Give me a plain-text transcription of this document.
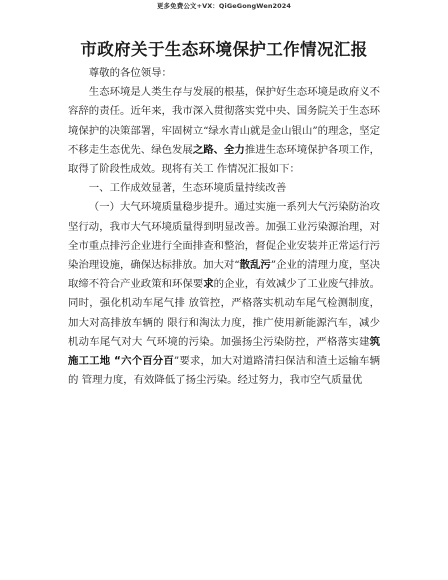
更多免费公文+VX：QiGeGongWen2024
市政府关于生态环境保护工作情况汇报

尊敬的各位领导：

生态环境是人类生存与发展的根基，保护好生态环境是政府义不容辞的责任。近年来，我市深入贯彻落实党中央、国务院关于生态环境保护的决策部署，牢固树立“绿水青山就是金山银山”的理念，坚定不移走生态优先、绿色发展之路、全力推进生态环境保护各项工作，取得了阶段性成效。现将有关工 作情况汇报如下：

一、工作成效显著，生态环境质量持续改善

（一）大气环境质量稳步提升。通过实施一系列大气污染防治攻坚行动，我市大气环境质量得到明显改善。加强工业污染源治理，对全市重点排污企业进行全面排查和整治，督促企业安装并正常运行污染治理设施，确保达标排放。加大对“散乱污”企业的清理力度，坚决取缔不符合产业政策和环保要求的企业，有效减少了工业废气排放。同时，强化机动车尾气排 放管控，严格落实机动车尾气检测制度，加大对高排放车辆的 限行和淘汰力度，推广使用新能源汽车，减少机动车尾气对大 气环境的污染。加强扬尘污染防控，严格落实建筑施工工地 “六个百分百”要求，加大对道路清扫保洁和渣土运输车辆的 管理力度，有效降低了扬尘污染。经过努力，我市空气质量优
